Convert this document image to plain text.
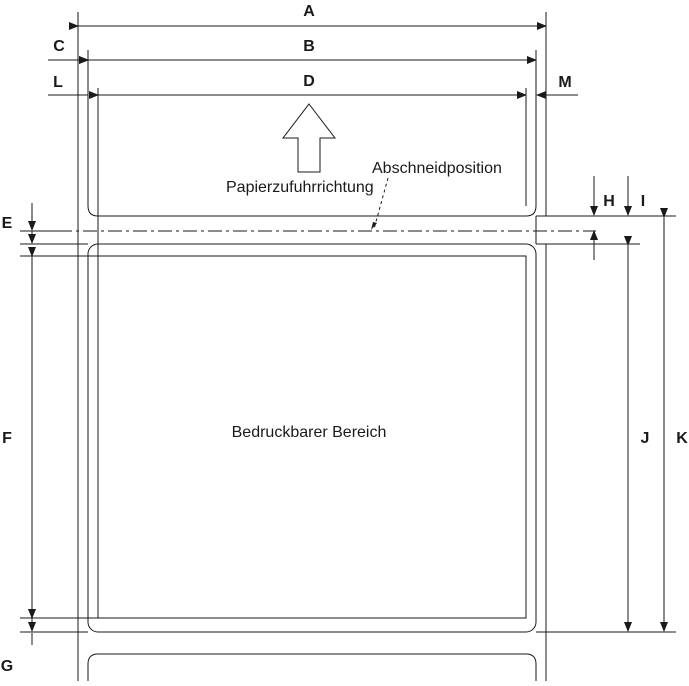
A
B
D
C
L	M
E
F
G
H I
J K
Abschneidposition
Papierzufuhrrichtung
Bedruckbarer Bereich
